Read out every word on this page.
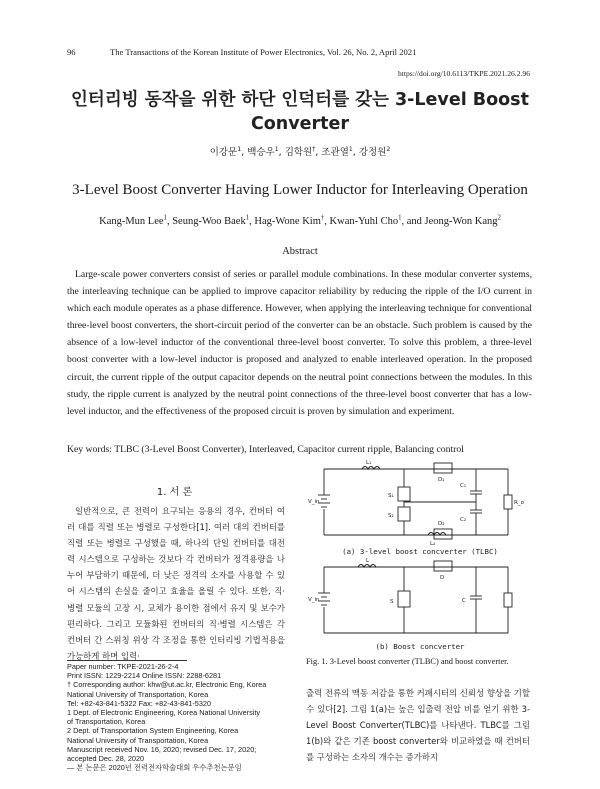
96	The Transactions of the Korean Institute of Power Electronics, Vol. 26, No. 2, April 2021
https://doi.org/10.6113/TKPE.2021.26.2.96
인터리빙 동작을 위한 하단 인덕터를 갖는 3-Level Boost
Converter
이강문$^1$, 백승우$^1$, 김학원†, 조관열$^1$, 강정원$^2$
3-Level Boost Converter Having Lower Inductor for Interleaving Operation
Kang-Mun Lee$^1$, Seung-Woo Baek$^1$, Hag-Wone Kim†, Kwan-Yuhl Cho$^1$, and Jeong-Won Kang$^2$
Abstract

Large-scale power converters consist of series or parallel module combinations. In these modular converter systems, the interleaving technique can be applied to improve capacitor reliability by reducing the ripple of the I/O current in which each module operates as a phase difference. However, when applying the interleaving technique for conventional three-level boost converters, the short-circuit period of the converter can be an obstacle. Such problem is caused by the absence of a low-level inductor of the conventional three-level boost converter. To solve this problem, a three-level boost converter with a low-level inductor is proposed and analyzed to enable interleaved operation. In the proposed circuit, the current ripple of the output capacitor depends on the neutral point connections between the modules. In this study, the ripple current is analyzed by the neutral point connections of the three-level boost converter that has a low-level inductor, and the effectiveness of the proposed circuit is proven by simulation and experiment.

Key words: TLBC (3-Level Boost Converter), Interleaved, Capacitor current ripple, Balancing control
1. 서 론

일반적으로, 큰 전력이 요구되는 응용의 경우, 컨버터 여러 대를 직렬 또는 병렬로 구성한다[1]. 여러 대의 컨버터를 직렬 또는 병렬로 구성했을 때, 하나의 단일 컨버터를 대전력 시스템으로 구성하는 것보다 각 컨버터가 정격용량을 나누어 부담하기 때문에, 더 낮은 정격의 소자를 사용할 수 있어 시스템의 손실을 줄이고 효율을 올릴 수 있다. 또한, 직·병렬 모듈의 고장 시, 교체가 용이한 점에서 유지 및 보수가 편리하다. 그리고 모듈화된 컨버터의 직·병렬 시스템은 각 컨버터 간 스위칭 위상 각 조정을 통한 인터리빙 기법적용을 가능하게 하며 입력·

Paper number: TKPE-2021-26-2-4
Print ISSN: 1229-2214 Online ISSN: 2288-6281
† Corresponding author: khw@ut.ac.kr, Electronic Eng, Korea
National University of Transportation, Korea
Tel: +82-43-841-5322 Fax: +82-43-841-5320
1 Dept. of Electronic Engineering, Korea National University
of Transportation, Korea
2 Dept. of Transportation System Engineering, Korea
National University of Transportation, Korea
Manuscript received Nov. 16, 2020; revised Dec. 17, 2020;
accepted Dec. 28, 2020
— 본 논문은 2020년 전력전자학술대회 우수추천논문임
L₁
L₂
D₁
D₂
S₁
S₂
C₁
C₂
V_in	R_o
L
D
S	C
V_in
(a) 3-level boost concverter (TLBC)
(b) Boost concverter
Fig. 1. 3-Level boost converter (TLBC) and boost converter.

출력 전류의 맥동 저감을 통한 커패시터의 신뢰성 향상을 기할 수 있다[2]. 그림 1(a)는 높은 입출력 전압 비를 얻기 위한 3-Level Boost Converter(TLBC)를 나타낸다. TLBC를 그림 1(b)와 같은 기존 boost converter와 비교하였을 때 컨버터를 구성하는 소자의 개수는 증가하지
